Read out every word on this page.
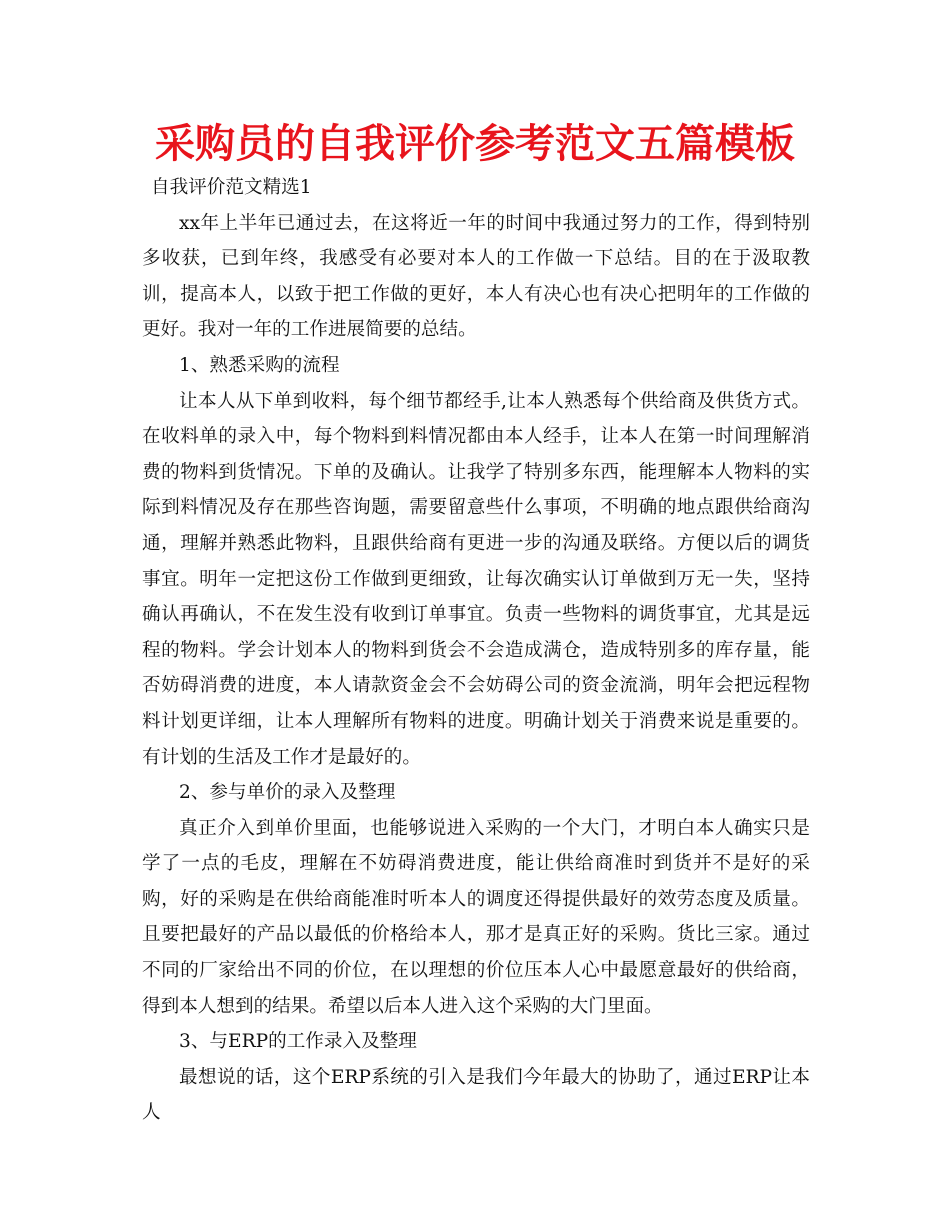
采购员的自我评价参考范文五篇模板

自我评价范文精选1

xx年上半年已通过去，在这将近一年的时间中我通过努力的工作，得到特别多收获，已到年终，我感受有必要对本人的工作做一下总结。目的在于汲取教训，提高本人，以致于把工作做的更好，本人有决心也有决心把明年的工作做的更好。我对一年的工作进展简要的总结。

1、熟悉采购的流程

让本人从下单到收料，每个细节都经手,让本人熟悉每个供给商及供货方式。在收料单的录入中，每个物料到料情况都由本人经手，让本人在第一时间理解消费的物料到货情况。下单的及确认。让我学了特别多东西，能理解本人物料的实际到料情况及存在那些咨询题，需要留意些什么事项，不明确的地点跟供给商沟通，理解并熟悉此物料，且跟供给商有更进一步的沟通及联络。方便以后的调货事宜。明年一定把这份工作做到更细致，让每次确实认订单做到万无一失，坚持确认再确认，不在发生没有收到订单事宜。负责一些物料的调货事宜，尤其是远程的物料。学会计划本人的物料到货会不会造成满仓，造成特别多的库存量，能否妨碍消费的进度，本人请款资金会不会妨碍公司的资金流淌，明年会把远程物料计划更详细，让本人理解所有物料的进度。明确计划关于消费来说是重要的。有计划的生活及工作才是最好的。

2、参与单价的录入及整理

真正介入到单价里面，也能够说进入采购的一个大门，才明白本人确实只是学了一点的毛皮，理解在不妨碍消费进度，能让供给商准时到货并不是好的采购，好的采购是在供给商能准时听本人的调度还得提供最好的效劳态度及质量。且要把最好的产品以最低的价格给本人，那才是真正好的采购。货比三家。通过不同的厂家给出不同的价位，在以理想的价位压本人心中最愿意最好的供给商，得到本人想到的结果。希望以后本人进入这个采购的大门里面。

3、与ERP的工作录入及整理

最想说的话，这个ERP系统的引入是我们今年最大的协助了，通过ERP让本人
